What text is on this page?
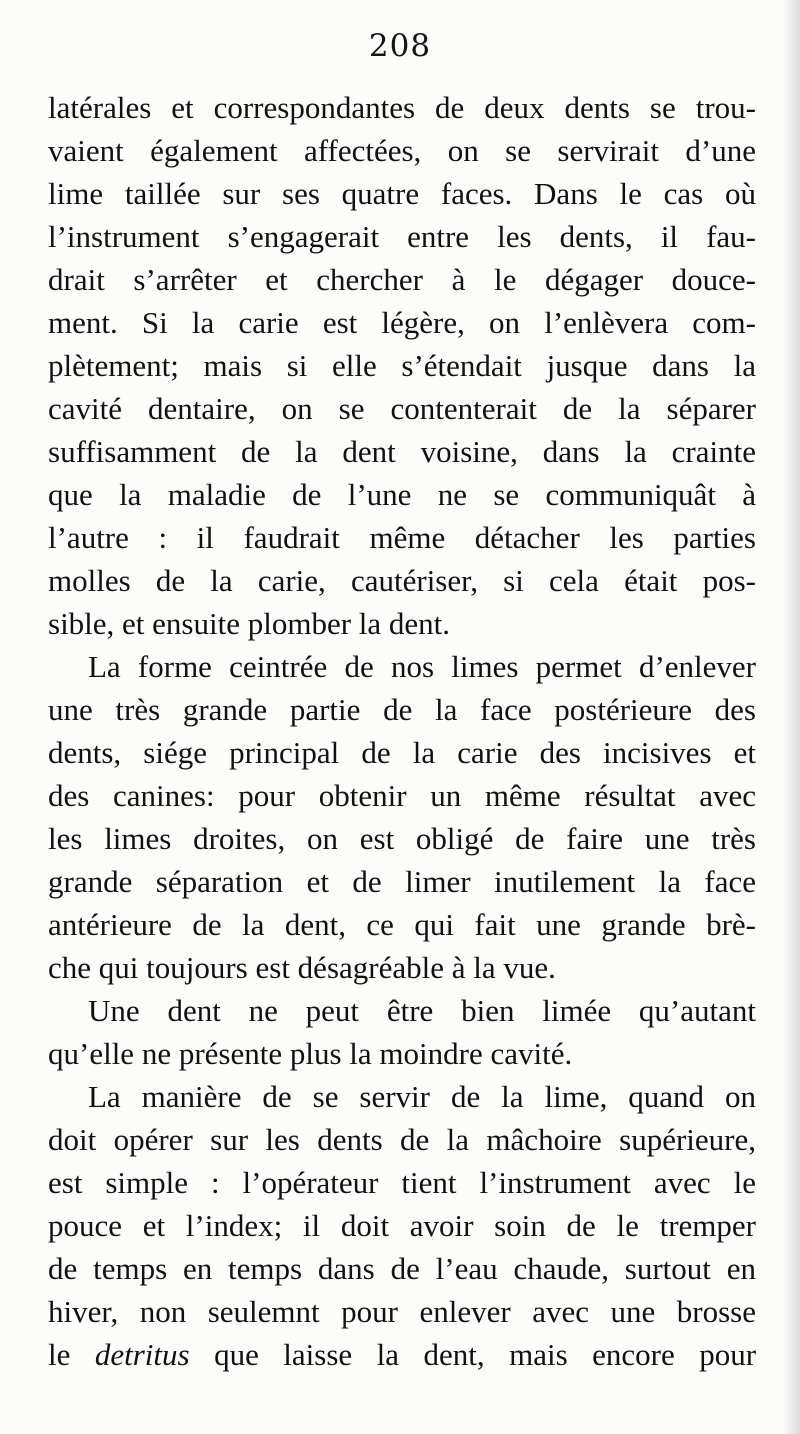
208
latérales et correspondantes de deux dents se trou-
vaient également affectées, on se servirait d’une
lime taillée sur ses quatre faces. Dans le cas où
l’instrument s’engagerait entre les dents, il fau-
drait s’arrêter et chercher à le dégager douce-
ment. Si la carie est légère, on l’enlèvera com-
plètement; mais si elle s’étendait jusque dans la
cavité dentaire, on se contenterait de la séparer
suffisamment de la dent voisine, dans la crainte
que la maladie de l’une ne se communiquât à
l’autre : il faudrait même détacher les parties
molles de la carie, cautériser, si cela était pos-
sible, et ensuite plomber la dent.
La forme ceintrée de nos limes permet d’enlever
une très grande partie de la face postérieure des
dents, siége principal de la carie des incisives et
des canines: pour obtenir un même résultat avec
les limes droites, on est obligé de faire une très
grande séparation et de limer inutilement la face
antérieure de la dent, ce qui fait une grande brè-
che qui toujours est désagréable à la vue.
Une dent ne peut être bien limée qu’autant
qu’elle ne présente plus la moindre cavité.
La manière de se servir de la lime, quand on
doit opérer sur les dents de la mâchoire supérieure,
est simple : l’opérateur tient l’instrument avec le
pouce et l’index; il doit avoir soin de le tremper
de temps en temps dans de l’eau chaude, surtout en
hiver, non seulemnt pour enlever avec une brosse
le detritus que laisse la dent, mais encore pour
